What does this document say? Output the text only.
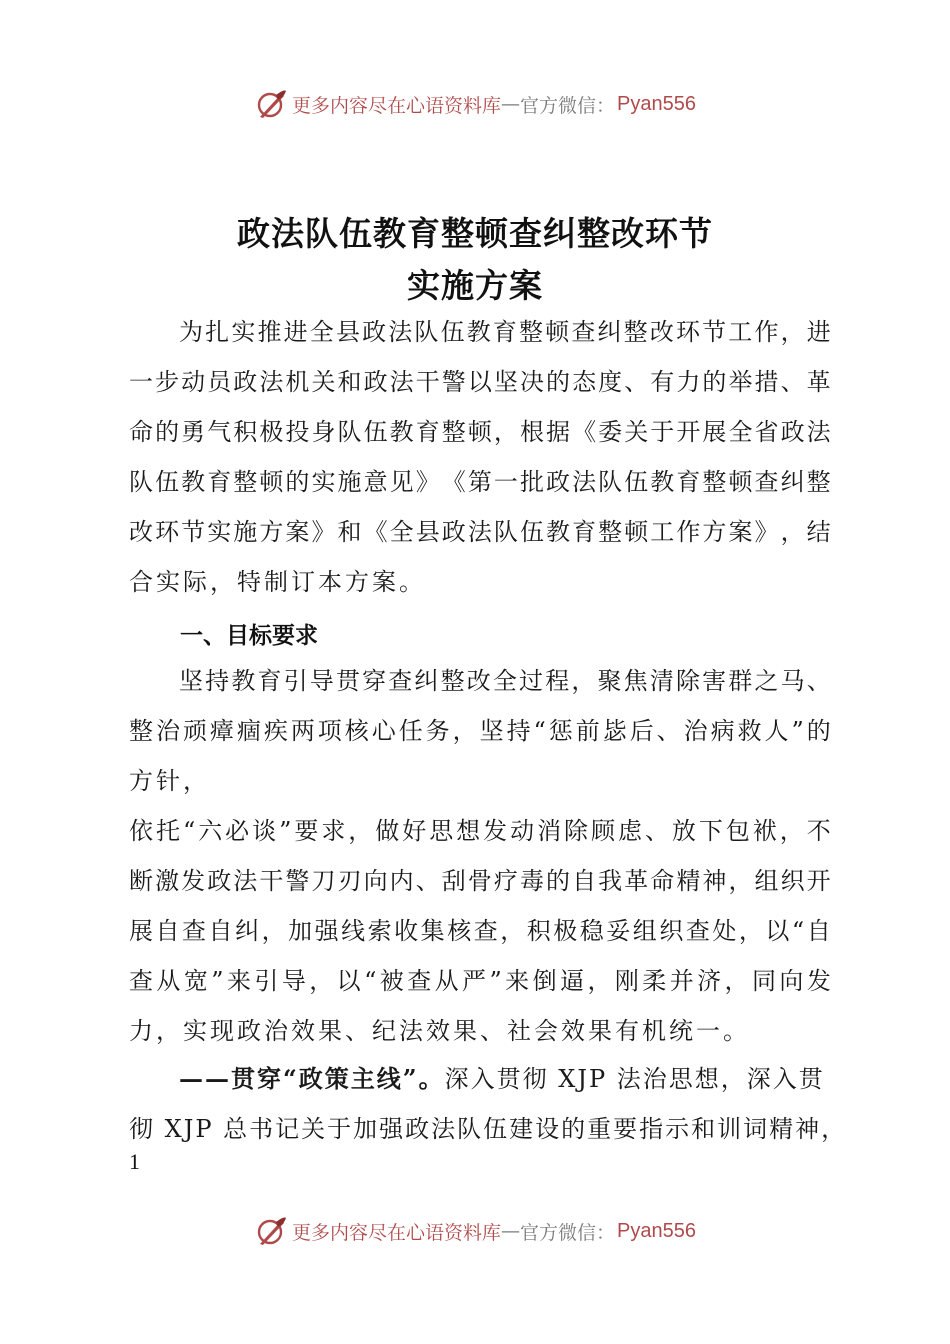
更多内容尽在心语资料库 — 官方微信： Pyan556
政法队伍教育整顿查纠整改环节
实施方案
为 扎 实 推 进 全 县 政 法 队 伍 教 育 整 顿 查 纠 整 改 环 节 工 作 ， 进
一 步 动 员 政 法 机 关 和 政 法 干 警 以 坚 决 的 态 度 、 有 力 的 举 措 、 革
命 的 勇 气 积 极 投 身 队 伍 教 育 整 顿 ， 根 据 《 委 关 于 开 展 全 省 政 法
队 伍 教 育 整 顿 的 实 施 意 见 》 《 第 一 批 政 法 队 伍 教 育 整 顿 查 纠 整
改 环 节 实 施 方 案 》 和 《 全 县 政 法 队 伍 教 育 整 顿 工 作 方 案 》 ， 结
合实际，特制订本方案。
一、目标要求
坚 持 教 育 引 导 贯 穿 查 纠 整 改 全 过 程 ， 聚 焦 清 除 害 群 之 马 、
整 治 顽 瘴 痼 疾 两 项 核 心 任 务 ， 坚 持 “ 惩 前 毖 后 、 治 病 救 人 ” 的
方针，
依 托 “ 六 必 谈 ” 要 求 ， 做 好 思 想 发 动 消 除 顾 虑 、 放 下 包 袱 ， 不
断 激 发 政 法 干 警 刀 刃 向 内 、 刮 骨 疗 毒 的 自 我 革 命 精 神 ， 组 织 开
展 自 查 自 纠 ， 加 强 线 索 收 集 核 查 ， 积 极 稳 妥 组 织 查 处 ， 以 “ 自
查 从 宽 ” 来 引 导 ， 以 “ 被 查 从 严 ” 来 倒 逼 ， 刚 柔 并 济 ， 同 向 发
力，实现政治效果、纪法效果、社会效果有机统一。
——贯穿“政策主线”。 深入贯彻 XJP 法治思想，深入贯
彻 XJP 总书记关于加强政法队伍建设的重要指示和训词精神，
1
更多内容尽在心语资料库 — 官方微信： Pyan556
